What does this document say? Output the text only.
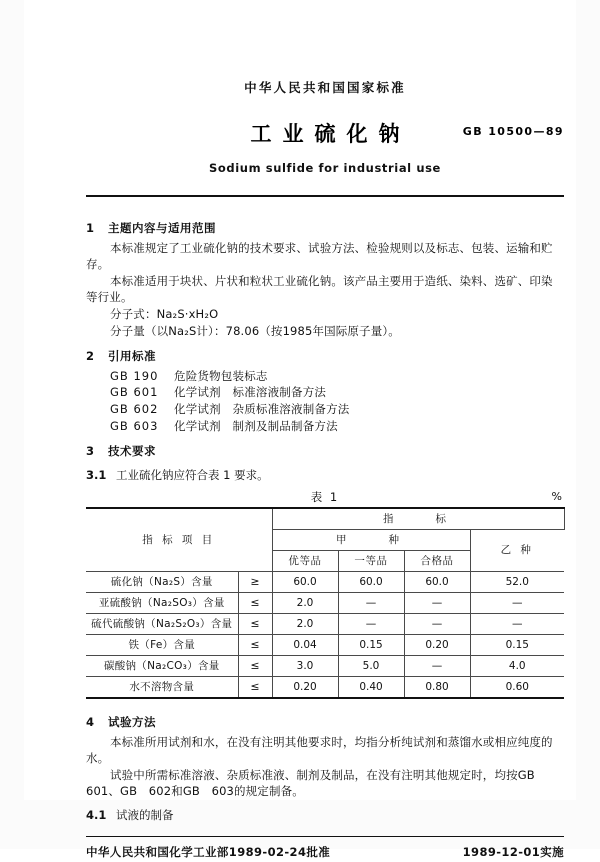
中华人民共和国国家标准
工业硫化钠	GB 10500—89
Sodium sulfide for industrial use
1 主题内容与适用范围
本标准规定了工业硫化钠的技术要求、试验方法、检验规则以及标志、包装、运输和贮存。
本标准适用于块状、片状和粒状工业硫化钠。该产品主要用于造纸、染料、选矿、印染等行业。
分子式：Na₂S·xH₂O
分子量（以Na₂S计）：78.06（按1985年国际原子量）。
2 引用标准
GB 190 危险货物包装标志
GB 601 化学试剂　标准溶液制备方法
GB 602 化学试剂　杂质标准溶液制备方法
GB 603 化学试剂　制剂及制品制备方法
3 技术要求
3.1 工业硫化钠应符合表 1 要求。
表 1	%
指 标 项 目		指　　标			
		甲　　种			乙 种
		优等品	一等品	合格品	
硫化钠（Na₂S）含量	≥	60.0	60.0	60.0	52.0
亚硫酸钠（Na₂SO₃）含量	≤	2.0	—	—	—
硫代硫酸钠（Na₂S₂O₃）含量	≤	2.0	—	—	—
铁（Fe）含量	≤	0.04	0.15	0.20	0.15
碳酸钠（Na₂CO₃）含量	≤	3.0	5.0	—	4.0
水不溶物含量	≤	0.20	0.40	0.80	0.60
4 试验方法
本标准所用试剂和水，在没有注明其他要求时，均指分析纯试剂和蒸馏水或相应纯度的水。
试验中所需标准溶液、杂质标准液、制剂及制品，在没有注明其他规定时，均按GB　601、GB　602和GB　603的规定制备。
4.1 试液的制备
中华人民共和国化学工业部1989-02-24批准	1989-12-01实施
